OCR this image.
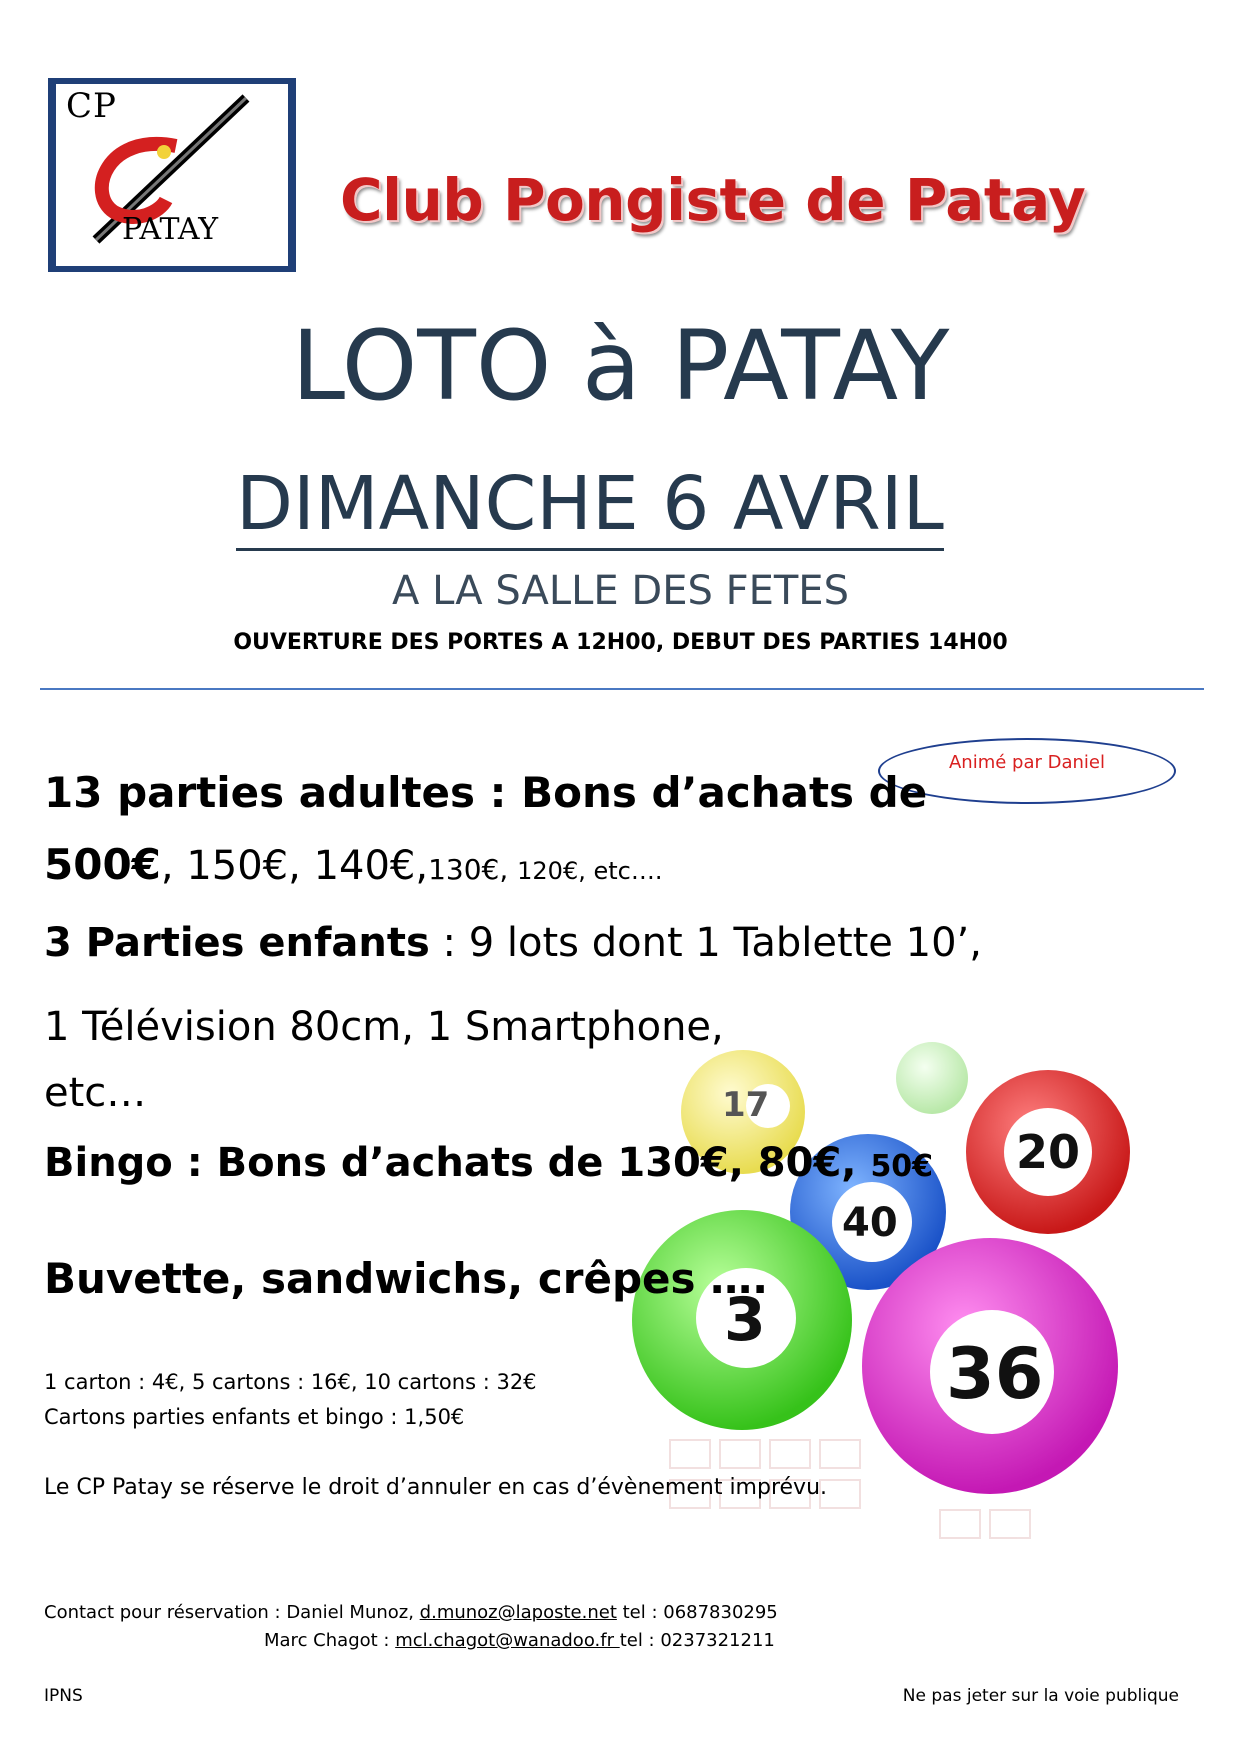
CP
PATAY Club Pongiste de Patay
LOTO à PATAY
DIMANCHE 6 AVRIL
A LA SALLE DES FETES
OUVERTURE DES PORTES A 12H00, DEBUT DES PARTIES 14H00
Animé par Daniel
17
40
20
3
36
13 parties adultes : Bons d’achats de
500€, 150€, 140€,130€, 120€, etc….
3 Parties enfants : 9 lots dont 1 Tablette 10’,
1 Télévision 80cm, 1 Smartphone,
etc…
Bingo : Bons d’achats de 130€, 80€, 50€
Buvette, sandwichs, crêpes ….
1 carton : 4€, 5 cartons : 16€, 10 cartons : 32€
Cartons parties enfants et bingo : 1,50€
Le CP Patay se réserve le droit d’annuler en cas d’évènement imprévu.
Contact pour réservation : Daniel Munoz, d.munoz@laposte.net tel : 0687830295
Marc Chagot : mcl.chagot@wanadoo.fr tel : 0237321211
IPNS	Ne pas jeter sur la voie publique
